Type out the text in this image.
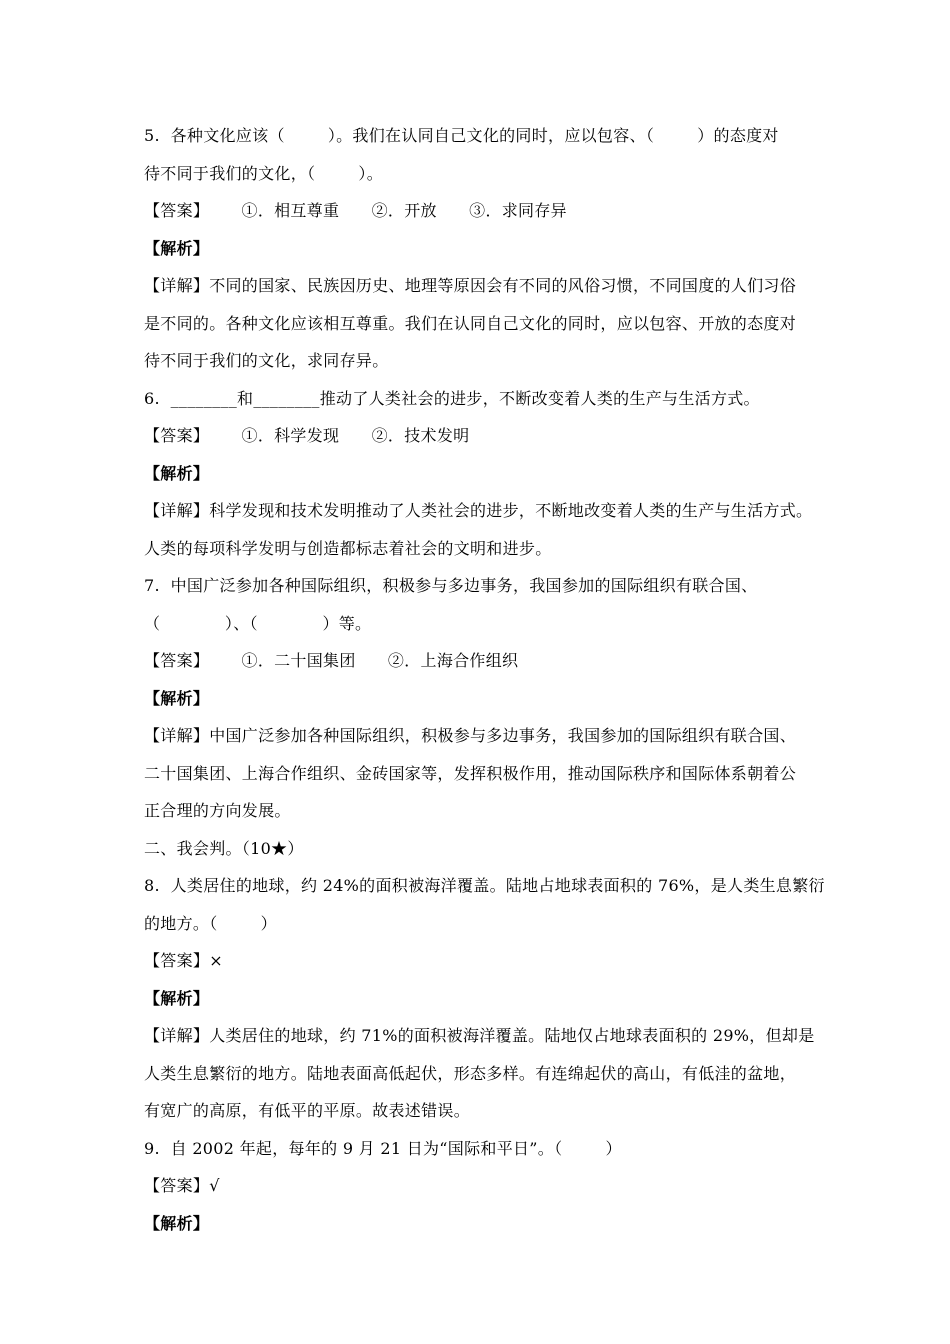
5.  各种文化应该（        ）。我们在认同自己文化的同时，应以包容、（        ）的态度对
待不同于我们的文化，（        ）。
【答案】      ①．相互尊重      ②．开放      ③．求同存异
【解析】
【详解】不同的国家、民族因历史、地理等原因会有不同的风俗习惯，不同国度的人们习俗
是不同的。各种文化应该相互尊重。我们在认同自己文化的同时，应以包容、开放的态度对
待不同于我们的文化，求同存异。
6.  ________和________推动了人类社会的进步，不断改变着人类的生产与生活方式。
【答案】      ①．科学发现      ②．技术发明
【解析】
【详解】科学发现和技术发明推动了人类社会的进步，不断地改变着人类的生产与生活方式。
人类的每项科学发明与创造都标志着社会的文明和进步。
7.  中国广泛参加各种国际组织，积极参与多边事务，我国参加的国际组织有联合国、
（            ）、（            ）等。
【答案】      ①．二十国集团      ②．上海合作组织
【解析】
【详解】中国广泛参加各种国际组织，积极参与多边事务，我国参加的国际组织有联合国、
二十国集团、上海合作组织、金砖国家等，发挥积极作用，推动国际秩序和国际体系朝着公
正合理的方向发展。
二、我会判。（10★）
8.  人类居住的地球，约 24%的面积被海洋覆盖。陆地占地球表面积的 76%，是人类生息繁衍
的地方。（        ）
【答案】×
【解析】
【详解】人类居住的地球，约 71%的面积被海洋覆盖。陆地仅占地球表面积的 29%，但却是
人类生息繁衍的地方。陆地表面高低起伏，形态多样。有连绵起伏的高山，有低洼的盆地，
有宽广的高原，有低平的平原。故表述错误。
9.  自 2002 年起，每年的 9 月 21 日为“国际和平日”。（        ）
【答案】√
【解析】
